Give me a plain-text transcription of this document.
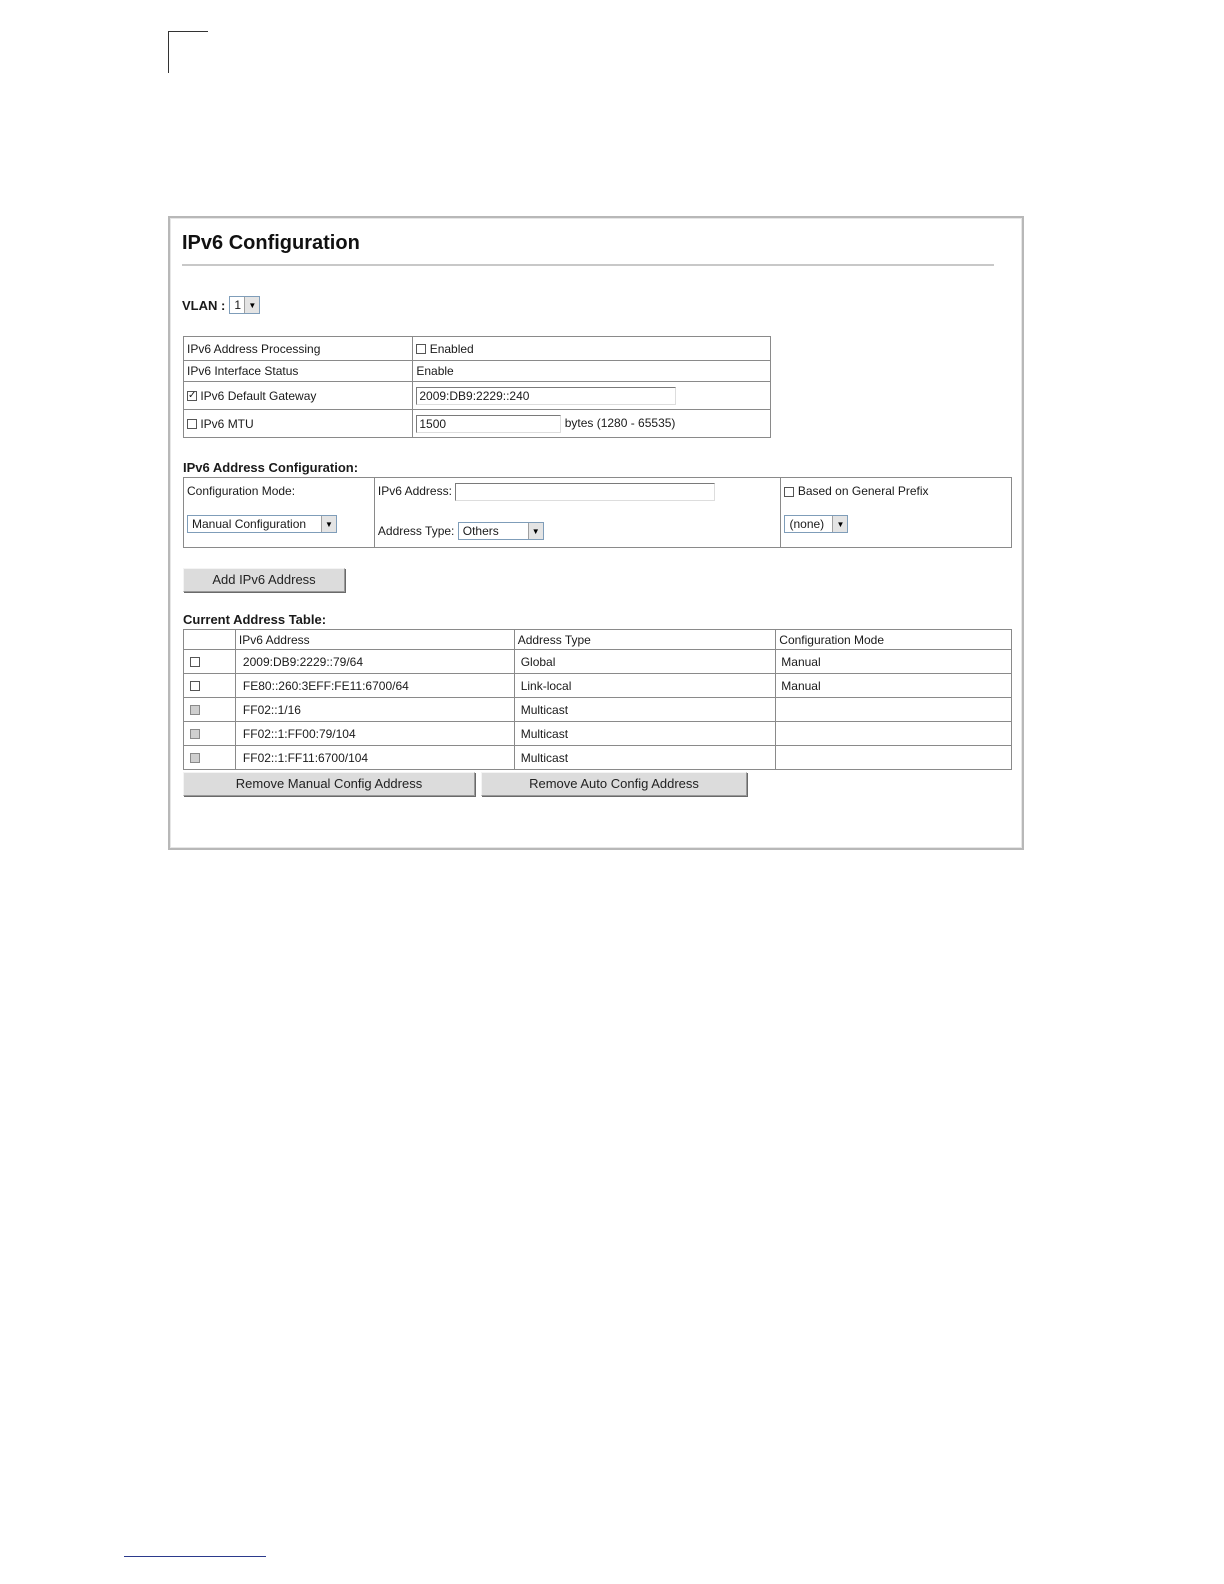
IPv6 Configuration
VLAN : 1 ▼
IPv6 Address Processing	Enabled
IPv6 Interface Status	Enable
✓ IPv6 Default Gateway	2009:DB9:2229::240
IPv6 MTU	1500 bytes (1280 - 65535)
IPv6 Address Configuration:
Configuration Mode:
Manual Configuration	▼

IPv6 Address:
Address Type: Others	▼

Based on General Prefix
(none)	▼
Add IPv6 Address
Current Address Table:
	IPv6 Address	Address Type	Configuration Mode
	2009:DB9:2229::79/64	Global	Manual
	FE80::260:3EFF:FE11:6700/64	Link-local	Manual
	FF02::1/16	Multicast	
	FF02::1:FF00:79/104	Multicast	
	FF02::1:FF11:6700/104	Multicast	
Remove Manual Config Address	Remove Auto Config Address
